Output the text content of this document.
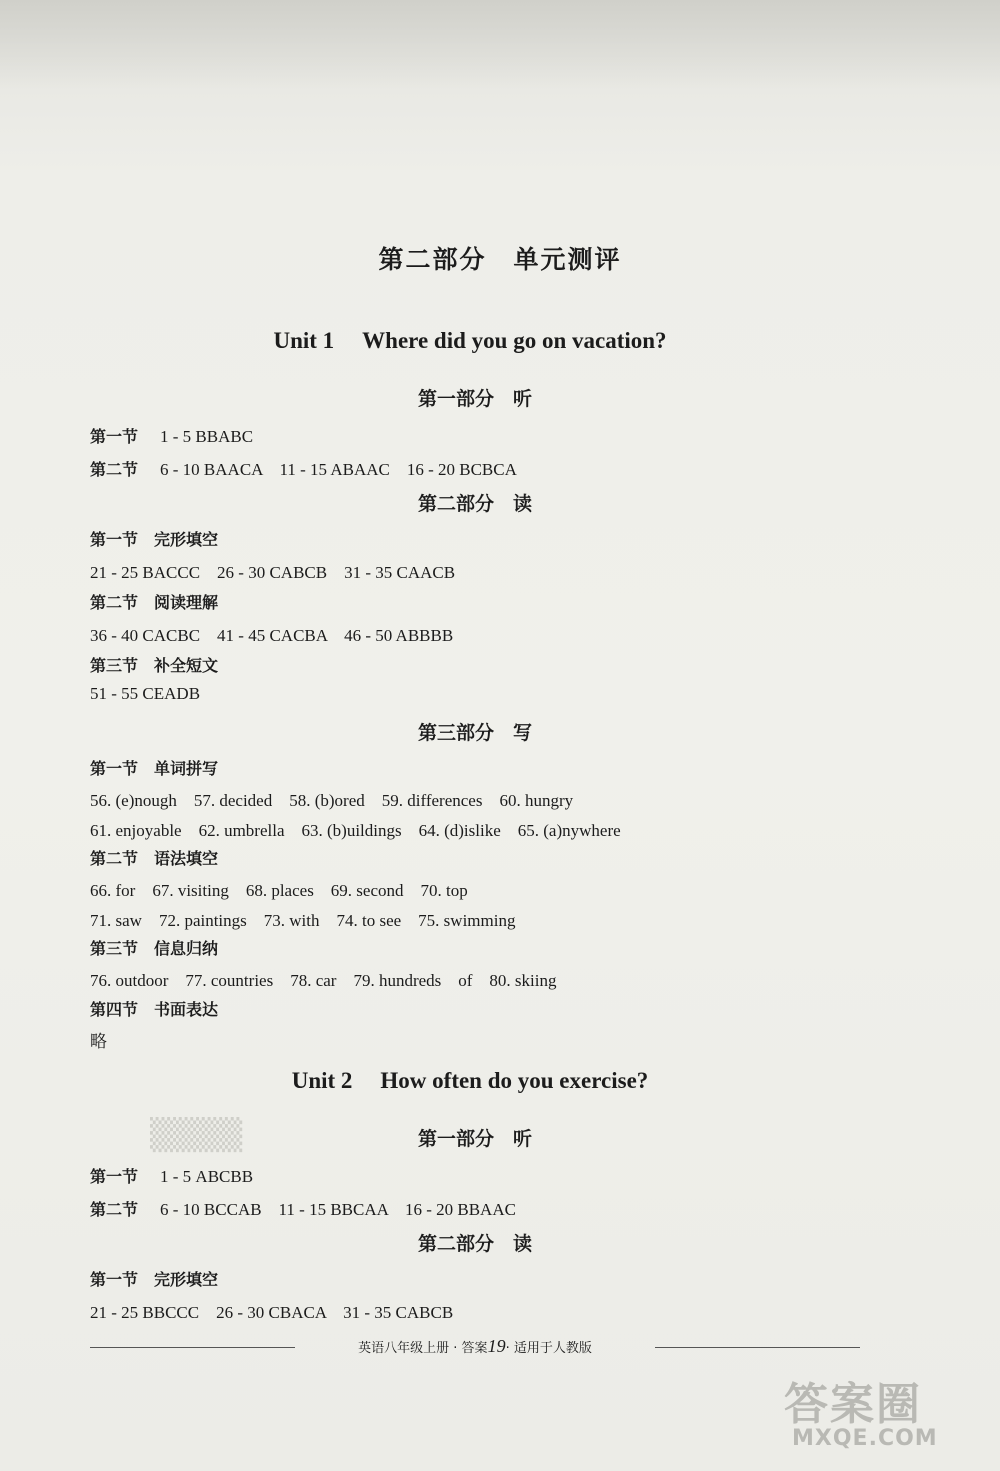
第二部分　单元测评
Unit 1 Where did you go on vacation?
第一部分　听
第一节 1 - 5 BBABC
第二节 6 - 10 BAACA　11 - 15 ABAAC　16 - 20 BCBCA
第二部分　读
第一节　完形填空
21 - 25 BACCC　26 - 30 CABCB　31 - 35 CAACB
第二节　阅读理解
36 - 40 CACBC　41 - 45 CACBA　46 - 50 ABBBB
第三节　补全短文
51 - 55 CEADB
第三部分　写
第一节　单词拼写
56. (e)nough　57. decided　58. (b)ored　59. differences　60. hungry
61. enjoyable　62. umbrella　63. (b)uildings　64. (d)islike　65. (a)nywhere
第二节　语法填空
66. for　67. visiting　68. places　69. second　70. top
71. saw　72. paintings　73. with　74. to see　75. swimming
第三节　信息归纳
76. outdoor　77. countries　78. car　79. hundreds　of　80. skiing
第四节　书面表达
略
Unit 2 How often do you exercise?
▒▒▒▒	第一部分　听
第一节 1 - 5 ABCBB
第二节 6 - 10 BCCAB　11 - 15 BBCAA　16 - 20 BBAAC
第二部分　读
第一节　完形填空
21 - 25 BBCCC　26 - 30 CBACA　31 - 35 CABCB
英语八年级上册 · 答案19· 适用于人教版
答案圈
MXQE.COM
